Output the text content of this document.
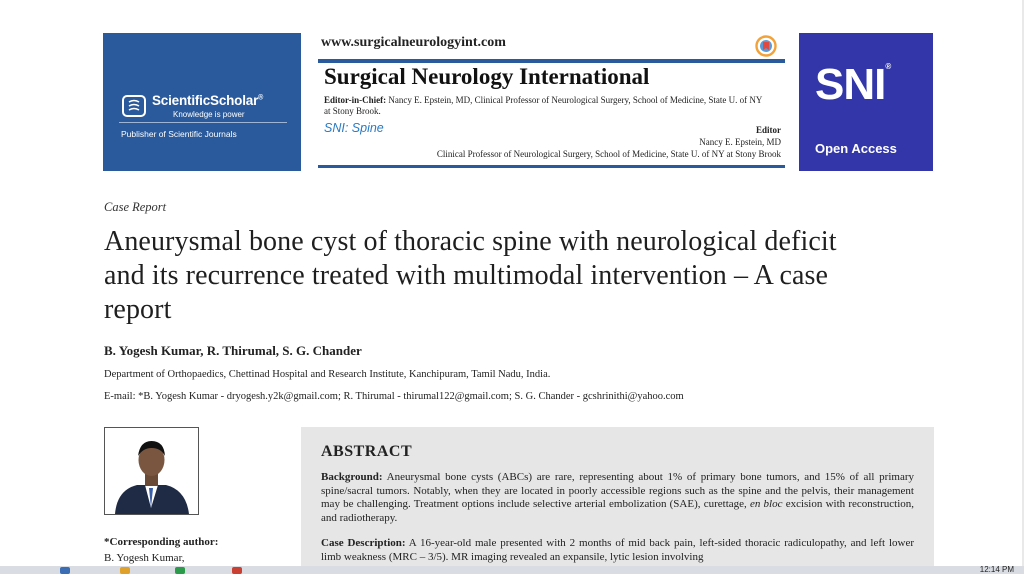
ScientificScholar®
Knowledge is power
Publisher of Scientific Journals
www.surgicalneurologyint.com
Surgical Neurology International
Editor-in-Chief: Nancy E. Epstein, MD, Clinical Professor of Neurological Surgery, School of Medicine, State U. of NY at Stony Brook.
SNI: Spine	Editor
Nancy E. Epstein, MD
Clinical Professor of Neurological Surgery, School of Medicine, State U. of NY at Stony Brook
SNI®
Open Access
Case Report
Aneurysmal bone cyst of thoracic spine with neurological deficit and its recurrence treated with multimodal intervention – A case report
B. Yogesh Kumar, R. Thirumal, S. G. Chander
Department of Orthopaedics, Chettinad Hospital and Research Institute, Kanchipuram, Tamil Nadu, India.
E-mail: *B. Yogesh Kumar - dryogesh.y2k@gmail.com; R. Thirumal - thirumal122@gmail.com; S. G. Chander - gcshrinithi@yahoo.com
*Corresponding author:
B. Yogesh Kumar,
ABSTRACT

Background: Aneurysmal bone cysts (ABCs) are rare, representing about 1% of primary bone tumors, and 15% of all primary spine/sacral tumors. Notably, when they are located in poorly accessible regions such as the spine and the pelvis, their management may be challenging. Treatment options include selective arterial embolization (SAE), curettage, en bloc excision with reconstruction, and radiotherapy.

Case Description: A 16-year-old male presented with 2 months of mid back pain, left-sided thoracic radiculopathy, and left lower limb weakness (MRC – 3/5). MR imaging revealed an expansile, lytic lesion involving

12:14 PM
